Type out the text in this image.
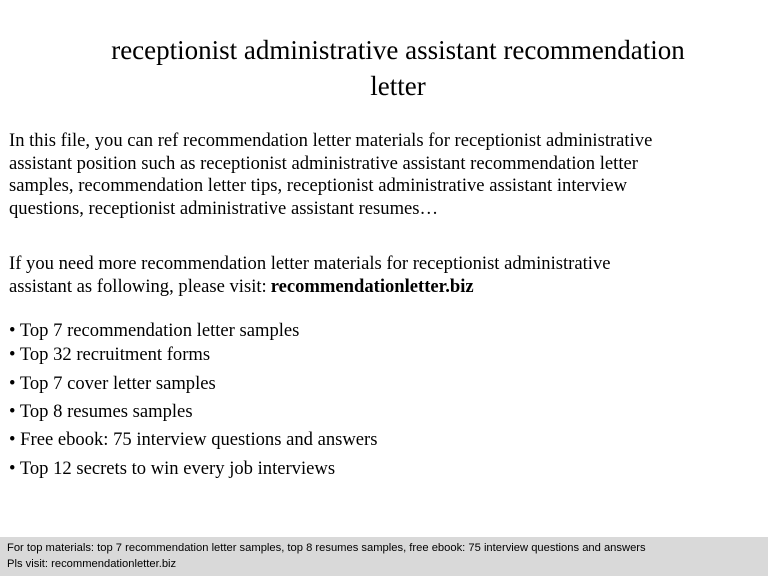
receptionist administrative assistant recommendation
letter

In this file, you can ref recommendation letter materials for receptionist administrative
assistant position such as receptionist administrative assistant recommendation letter
samples, recommendation letter tips, receptionist administrative assistant interview
questions, receptionist administrative assistant resumes…

If you need more recommendation letter materials for receptionist administrative
assistant as following, please visit: recommendationletter.biz

• Top 7 recommendation letter samples
• Top 32 recruitment forms
• Top 7 cover letter samples
• Top 8 resumes samples
• Free ebook: 75 interview questions and answers
• Top 12 secrets to win every job interviews
For top materials: top 7 recommendation letter samples, top 8 resumes samples, free ebook: 75 interview questions and answers
Pls visit: recommendationletter.biz
